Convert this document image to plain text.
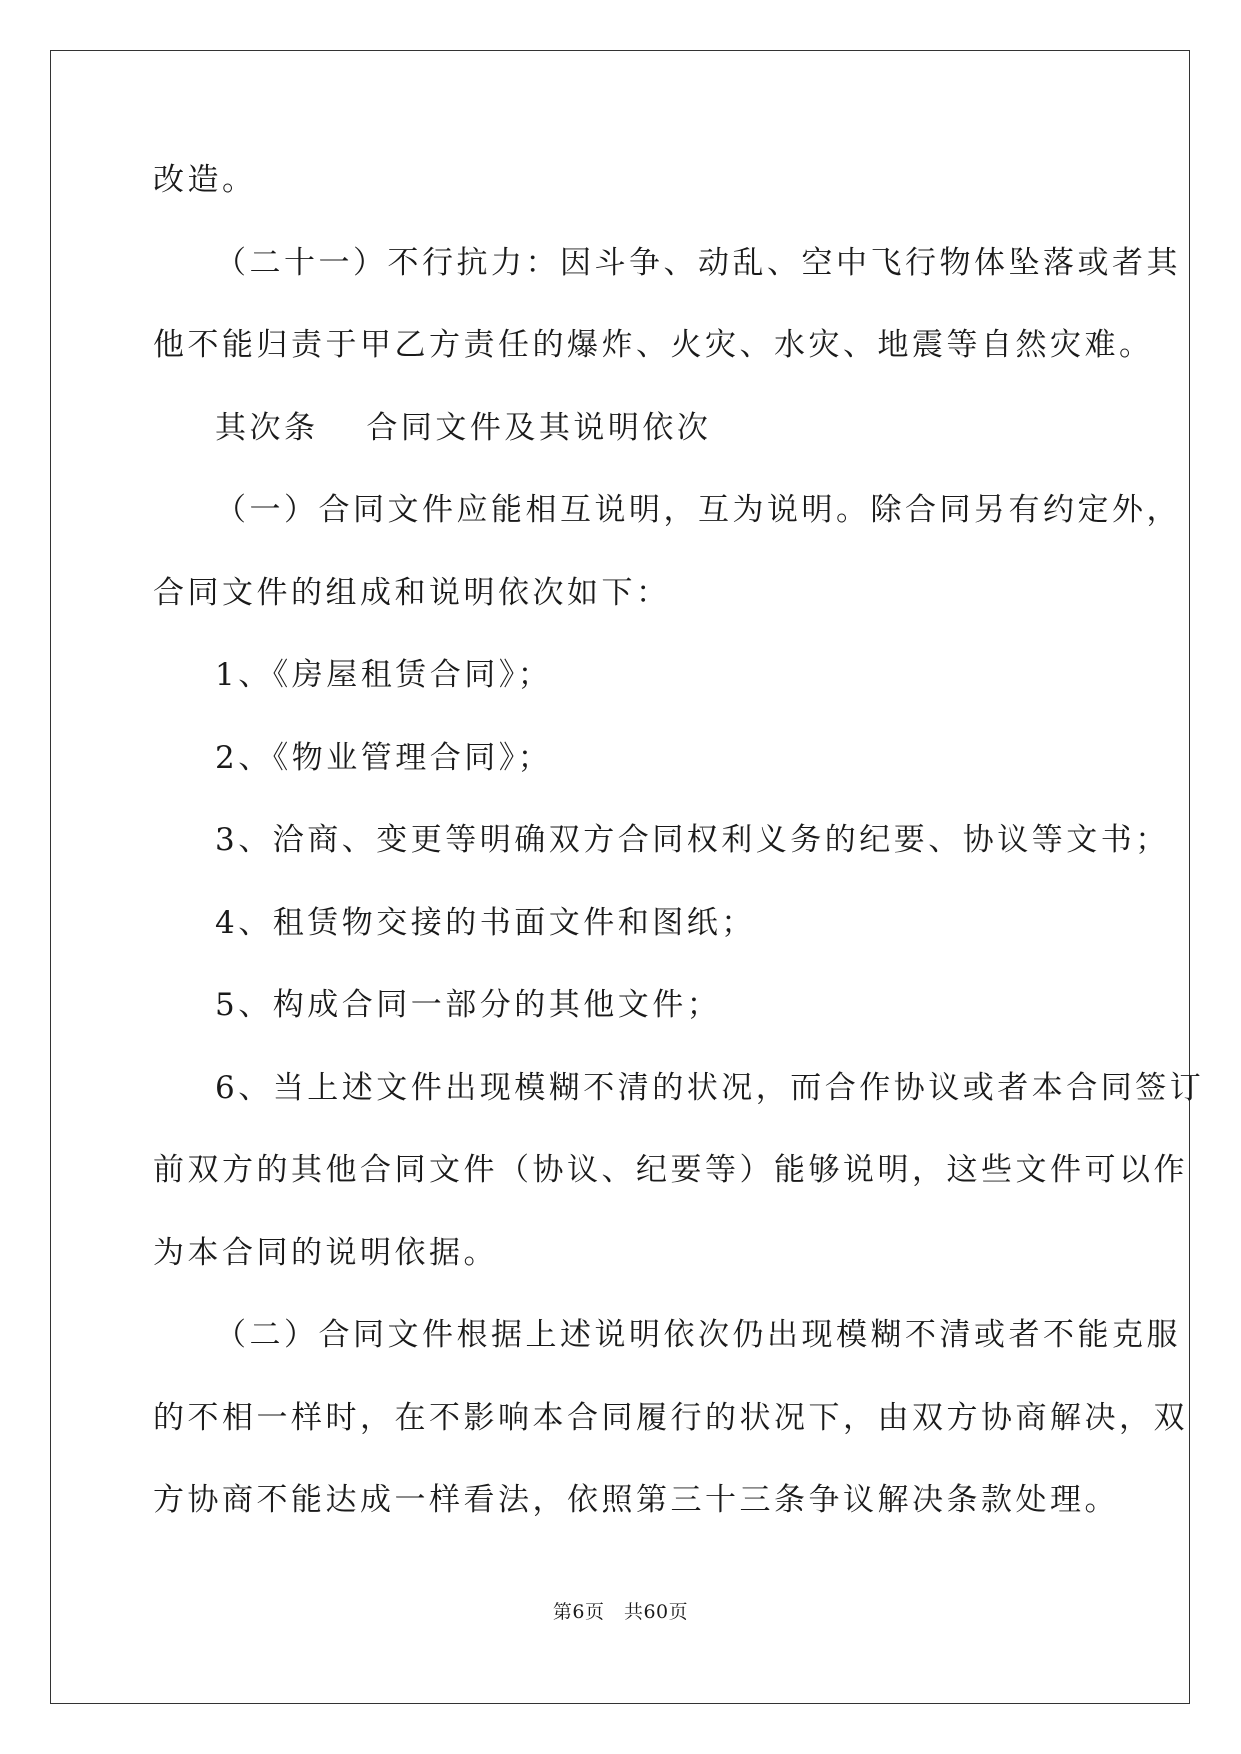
改造。
（二十一）不行抗力：因斗争、动乱、空中飞行物体坠落或者其
他不能归责于甲乙方责任的爆炸、火灾、水灾、地震等自然灾难。
其次条　 合同文件及其说明依次
（一）合同文件应能相互说明，互为说明。除合同另有约定外，
合同文件的组成和说明依次如下：
1、《房屋租赁合同》；
2、《物业管理合同》；
3、洽商、变更等明确双方合同权利义务的纪要、协议等文书；
4、租赁物交接的书面文件和图纸；
5、构成合同一部分的其他文件；
6、当上述文件出现模糊不清的状况，而合作协议或者本合同签订
前双方的其他合同文件（协议、纪要等）能够说明，这些文件可以作
为本合同的说明依据。
（二）合同文件根据上述说明依次仍出现模糊不清或者不能克服
的不相一样时，在不影响本合同履行的状况下，由双方协商解决，双
方协商不能达成一样看法，依照第三十三条争议解决条款处理。
第6页　共60页
